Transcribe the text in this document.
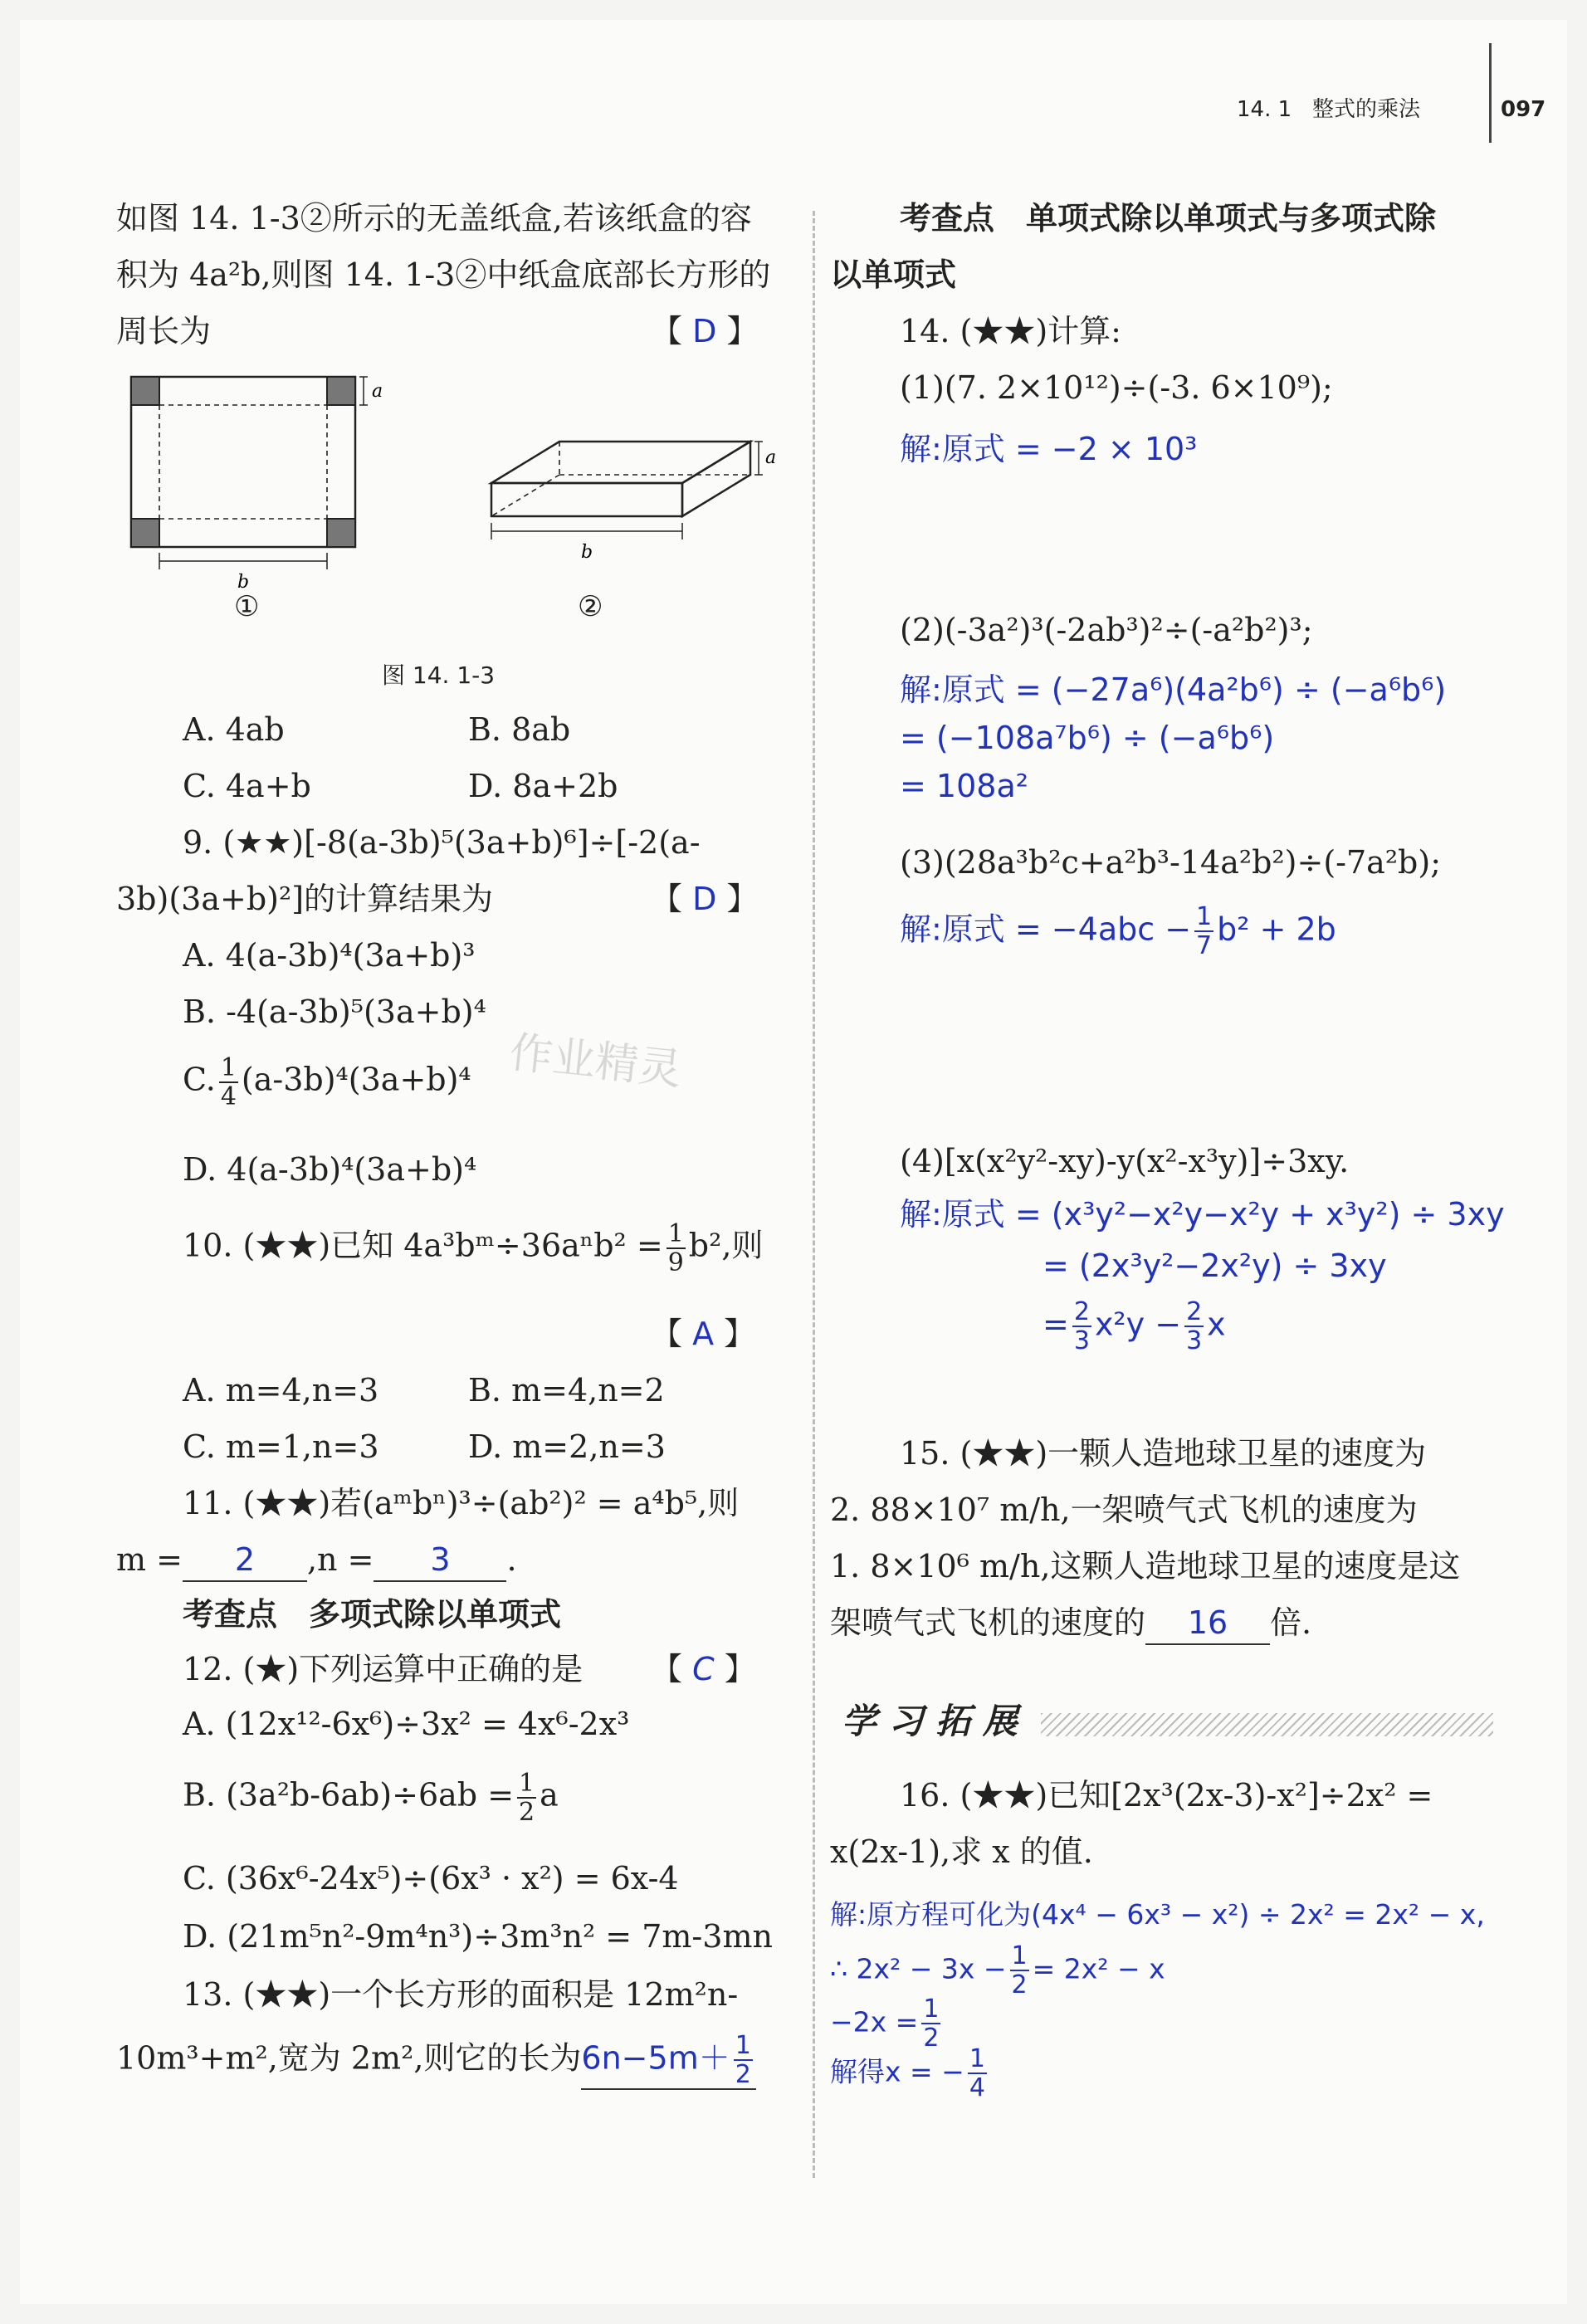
14. 1 整式的乘法	097
如图 14. 1-3②所示的无盖纸盒,若该纸盒的容
积为 4a²b,则图 14. 1-3②中纸盒底部长方形的
周长为	【 D 】
a
b
a
b
①	②
图 14. 1-3
A. 4ab	B. 8ab
C. 4a+b	D. 8a+2b
9. (★★)[-8(a-3b)⁵(3a+b)⁶]÷[-2(a-
3b)(3a+b)²]的计算结果为	【 D 】
A. 4(a-3b)⁴(3a+b)³
B. -4(a-3b)⁵(3a+b)⁴
C. $\frac{1}{4} (a-3b)^4(3a+b)^4$
D. 4(a-3b)⁴(3a+b)⁴
10. (★★)已知 4a³bᵐ÷36aⁿb² = $\frac{1}{9} b^2$,则
【 A 】
A. m=4,n=3	B. m=4,n=2
C. m=1,n=3	D. m=2,n=3
11. (★★)若(aᵐbⁿ)³÷(ab²)² = a⁴b⁵,则
m = 2 ,n = 3 .
考查点　多项式除以单项式
12. (★)下列运算中正确的是 【 C 】
A. (12x¹²-6x⁶)÷3x² = 4x⁶-2x³
B. $(3a^2b-6ab)\div 6ab = \frac{1}{2}$ a
C. (36x⁶-24x⁵)÷(6x³ · x²) = 6x-4
D. (21m⁵n²-9m⁴n³)÷3m³n² = 7m-3mn
13. (★★)一个长方形的面积是 12m²n-
10m³+m²,宽为 2m²,则它的长为$6n-5m+ \frac{1}{2}$
作业精灵
考查点　单项式除以单项式与多项式除
以单项式
14. (★★)计算:
(1)(7. 2×10¹²)÷(-3. 6×10⁹);
解:原式 = −2 × 10³
(2)(-3a²)³(-2ab³)²÷(-a²b²)³;
解:原式 = (−27a⁶)(4a²b⁶) ÷ (−a⁶b⁶)
= (−108a⁷b⁶) ÷ (−a⁶b⁶)
= 108a²
(3)(28a³b²c+a²b³-14a²b²)÷(-7a²b);
解:原式 = $-4abc - \frac{1}{7} b^2 + 2b$
(4)[x(x²y²-xy)-y(x²-x³y)]÷3xy.
解:原式 = (x³y²−x²y−x²y + x³y²) ÷ 3xy
= (2x³y²−2x²y) ÷ 3xy
= $\frac{2}{3} x^2y - \frac{2}{3}$ x
15. (★★)一颗人造地球卫星的速度为
2. 88×10⁷ m/h,一架喷气式飞机的速度为
1. 8×10⁶ m/h,这颗人造地球卫星的速度是这
架喷气式飞机的速度的 16 倍.
学 习 拓 展
16. (★★)已知[2x³(2x-3)-x²]÷2x² =
x(2x-1),求 x 的值.
解:原方程可化为(4x⁴ − 6x³ − x²) ÷ 2x² = 2x² − x,
∴ $2x^2 - 3x - \frac{1}{2} = 2x^2 - x$
$-2x = \frac{1}{2}$
解得x = − $\frac{1}{4}$
